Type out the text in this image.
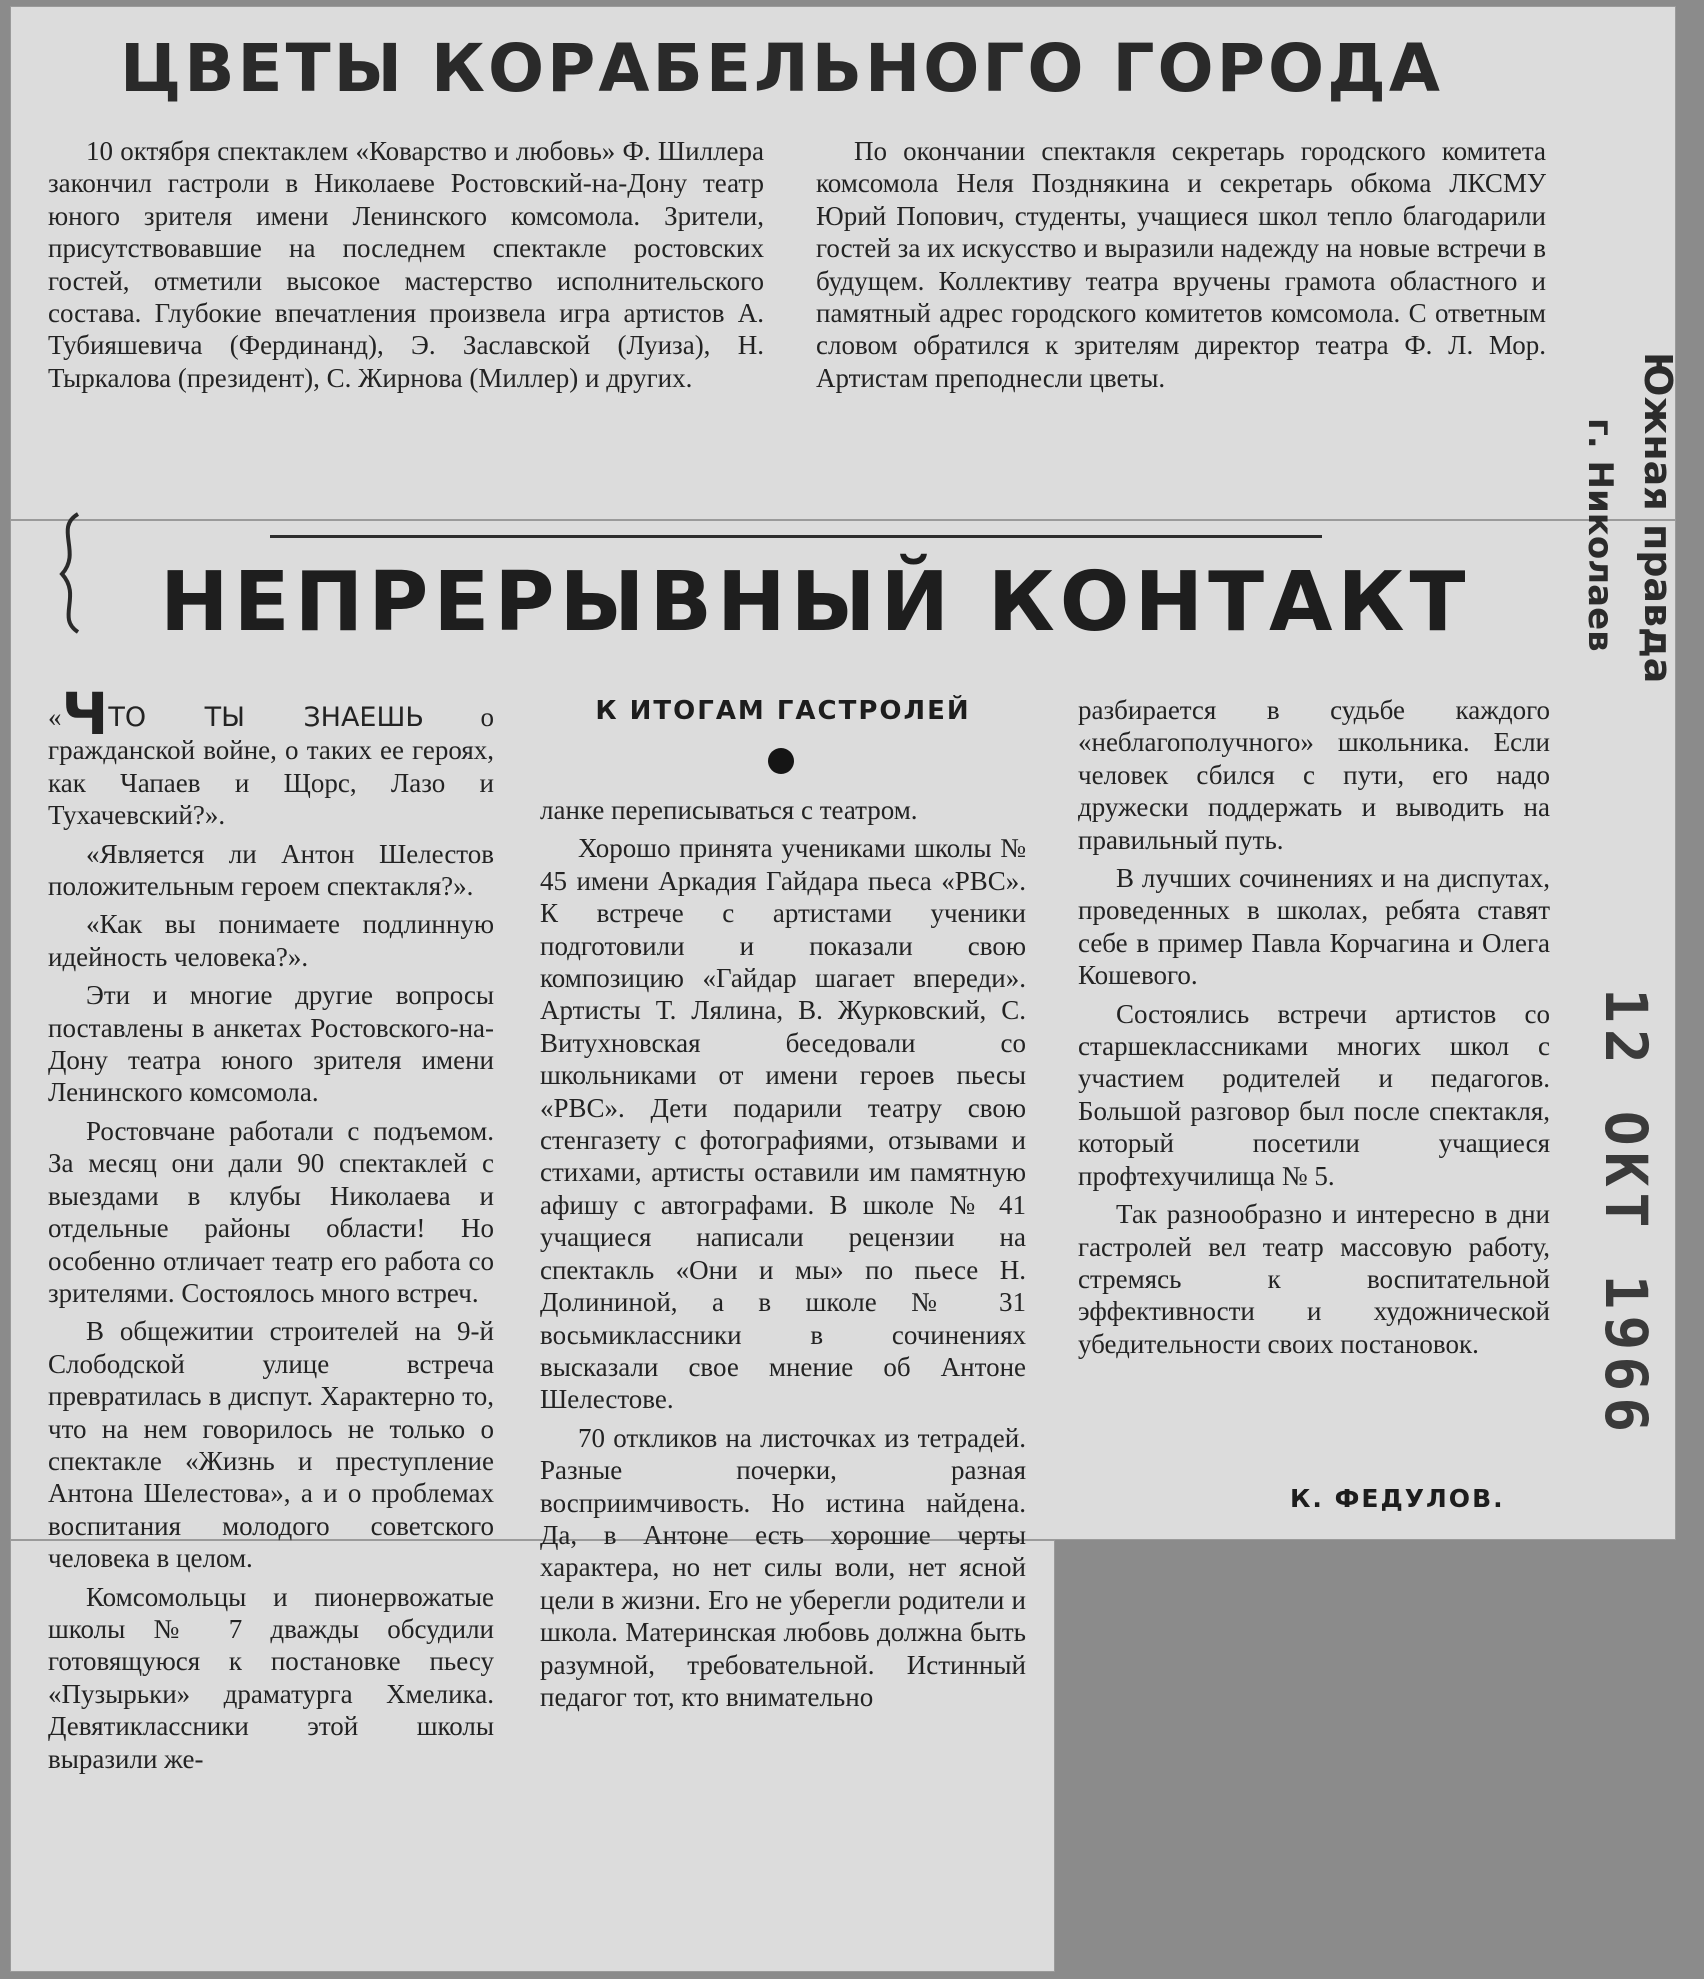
ЦВЕТЫ КОРАБЕЛЬНОГО ГОРОДА

10 октября спектаклем «Коварство и любовь» Ф. Шиллера закончил гастроли в Николаеве Ростовский-на-Дону театр юного зрителя имени Ленинского комсомола. Зрители, присутствовавшие на последнем спектакле ростовских гостей, отметили высокое мастерство исполнительского состава. Глубокие впечатления произвела игра артистов А. Тубияшевича (Фердинанд), Э. Заславской (Луиза), Н. Тыркалова (президент), С. Жирнова (Миллер) и других.

По окончании спектакля секретарь городского комитета комсомола Неля Позднякина и секретарь обкома ЛКСМУ Юрий Попович, студенты, учащиеся школ тепло благодарили гостей за их искусство и выразили надежду на новые встречи в будущем. Коллективу театра вручены грамота областного и памятный адрес городского комитетов комсомола. С ответным словом обратился к зрителям директор театра Ф. Л. Мор. Артистам преподнесли цветы.

НЕПРЕРЫВНЫЙ КОНТАКТ
К ИТОГАМ ГАСТРОЛЕЙ

«ЧТО ТЫ ЗНАЕШЬ о гражданской войне, о таких ее героях, как Чапаев и Щорс, Лазо и Тухачевский?».

«Является ли Антон Шелестов положительным героем спектакля?».

«Как вы понимаете подлинную идейность человека?».

Эти и многие другие вопросы поставлены в анкетах Ростовского-на-Дону театра юного зрителя имени Ленинского комсомола.

Ростовчане работали с подъемом. За месяц они дали 90 спектаклей с выездами в клубы Николаева и отдельные районы области! Но особенно отличает театр его работа со зрителями. Состоялось много встреч.

В общежитии строителей на 9-й Слободской улице встреча превратилась в диспут. Характерно то, что на нем говорилось не только о спектакле «Жизнь и преступление Антона Шелестова», а и о проблемах воспитания молодого советского человека в целом.

Комсомольцы и пионервожатые школы № 7 дважды обсудили готовящуюся к постановке пьесу «Пузырьки» драматурга Хмелика. Девятиклассники этой школы выразили же-

ланке переписываться с театром.

Хорошо принята учениками школы № 45 имени Аркадия Гайдара пьеса «РВС». К встрече с артистами ученики подготовили и показали свою композицию «Гайдар шагает впереди». Артисты Т. Лялина, В. Журковский, С. Витухновская беседовали со школьниками от имени героев пьесы «РВС». Дети подарили театру свою стенгазету с фотографиями, отзывами и стихами, артисты оставили им памятную афишу с автографами. В школе № 41 учащиеся написали рецензии на спектакль «Они и мы» по пьесе Н. Долининой, а в школе № 31 восьмиклассники в сочинениях высказали свое мнение об Антоне Шелестове.

70 откликов на листочках из тетрадей. Разные почерки, разная восприимчивость. Но истина найдена. Да, в Антоне есть хорошие черты характера, но нет силы воли, нет ясной цели в жизни. Его не уберегли родители и школа. Материнская любовь должна быть разумной, требовательной. Истинный педагог тот, кто внимательно

разбирается в судьбе каждого «неблагополучного» школьника. Если человек сбился с пути, его надо дружески поддержать и выводить на правильный путь.

В лучших сочинениях и на диспутах, проведенных в школах, ребята ставят себе в пример Павла Корчагина и Олега Кошевого.

Состоялись встречи артистов со старшеклассниками многих школ с участием родителей и педагогов. Большой разговор был после спектакля, который посетили учащиеся профтехучилища № 5.

Так разнообразно и интересно в дни гастролей вел театр массовую работу, стремясь к воспитательной эффективности и художнической убедительности своих постановок.

К. ФЕДУЛОВ.
Южная правда
г. Николаев
12 ОКТ 1966
